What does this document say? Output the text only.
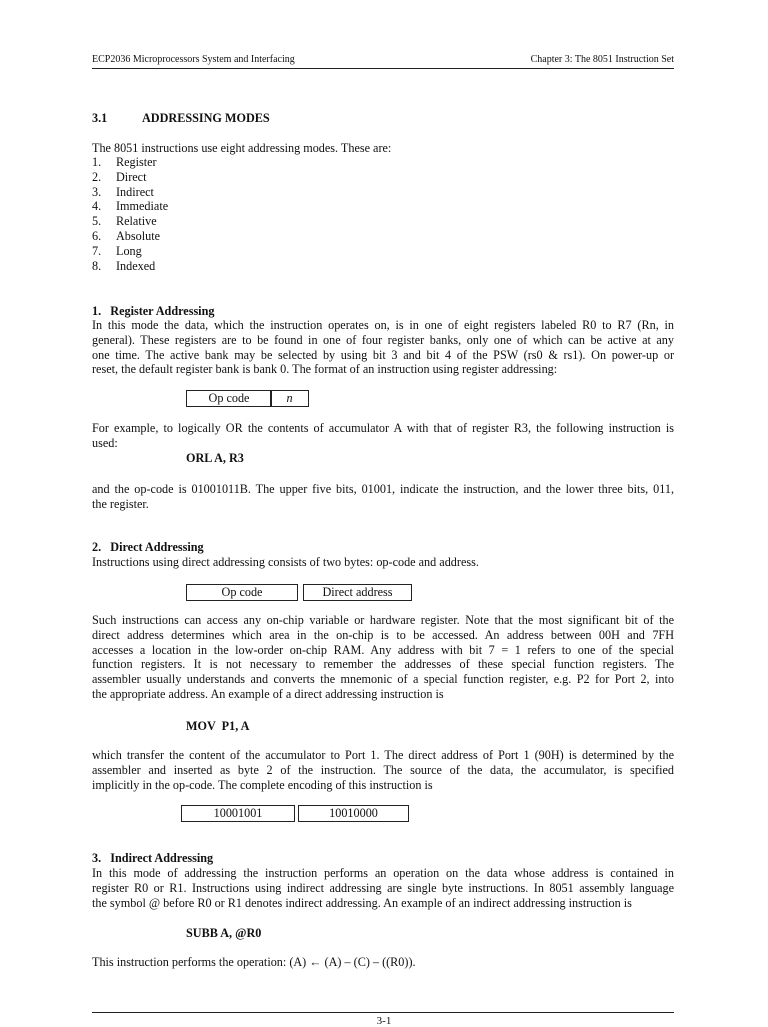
ECP2036 Microprocessors System and Interfacing	Chapter 3: The 8051 Instruction Set
3.1	ADDRESSING MODES
The 8051 instructions use eight addressing modes. These are:
1. Register
2. Direct
3. Indirect
4. Immediate
5. Relative
6. Absolute
7. Long
8. Indexed
1.   Register Addressing
In this mode the data, which the instruction operates on, is in one of eight registers labeled R0 to R7 (Rn, in
general). These registers are to be found in one of four register banks, only one of which can be active at any
one time. The active bank may be selected by using bit 3 and bit 4 of the PSW (rs0 & rs1). On power-up or
reset, the default register bank is bank 0. The format of an instruction using register addressing:
Op code	n
For example, to logically OR the contents of accumulator A with that of register R3, the following instruction is
used:
ORL A, R3
and the op-code is 01001011B. The upper five bits, 01001, indicate the instruction, and the lower three bits, 011,
the register.
2.   Direct Addressing
Instructions using direct addressing consists of two bytes: op-code and address.
Op code	Direct address
Such instructions can access any on-chip variable or hardware register. Note that the most significant bit of the
direct address determines which area in the on-chip is to be accessed. An address between 00H and 7FH
accesses a location in the low-order on-chip RAM. Any address with bit 7 = 1 refers to one of the special
function registers. It is not necessary to remember the addresses of these special function registers. The
assembler usually understands and converts the mnemonic of a special function register, e.g. P2 for Port 2, into
the appropriate address. An example of a direct addressing instruction is
MOV  P1, A
which transfer the content of the accumulator to Port 1. The direct address of Port 1 (90H) is determined by the
assembler and inserted as byte 2 of the instruction. The source of the data, the accumulator, is specified
implicitly in the op-code. The complete encoding of this instruction is
10001001	10010000
3.   Indirect Addressing
In this mode of addressing the instruction performs an operation on the data whose address is contained in
register R0 or R1. Instructions using indirect addressing are single byte instructions. In 8051 assembly language
the symbol @ before R0 or R1 denotes indirect addressing. An example of an indirect addressing instruction is
SUBB A, @R0
This instruction performs the operation: (A) ← (A) – (C) – ((R0)).
3-1
